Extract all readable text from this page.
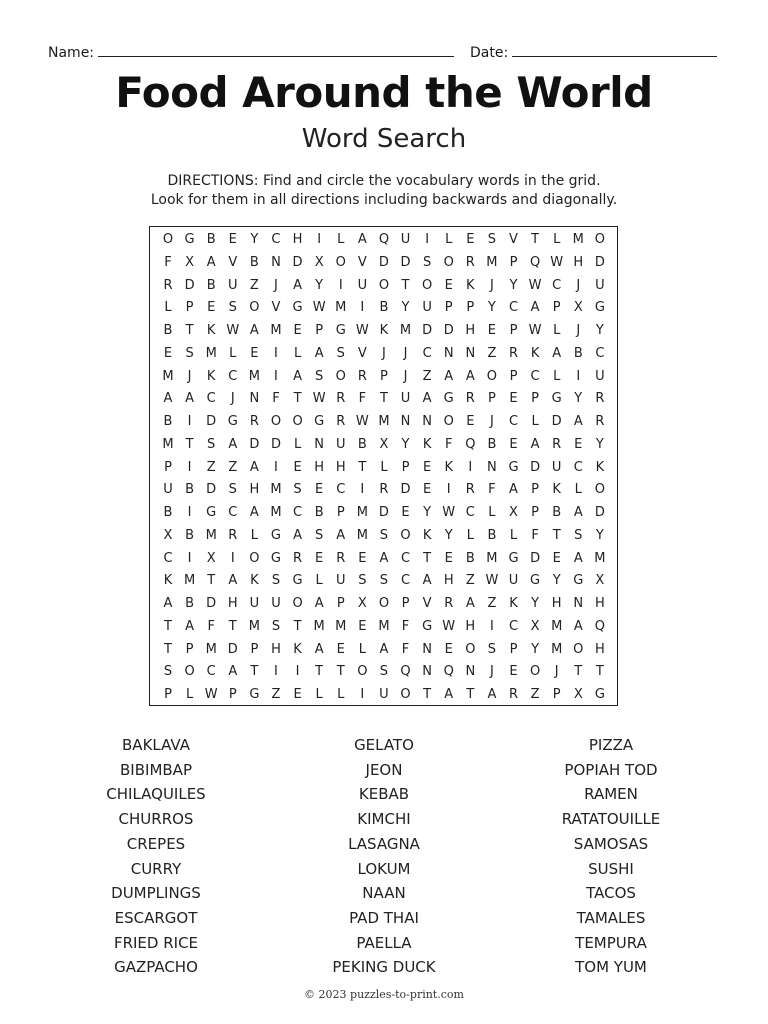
Name:	Date:
Food Around the World
Word Search
DIRECTIONS: Find and circle the vocabulary words in the grid.
Look for them in all directions including backwards and diagonally.
O G B	E	Y	C H	I	L	A Q U	I	L	E	S	V	T	L M O
F	X A V B N D X O V D D S O R M P Q W H D
R D B U Z	J	A	Y	I	U O T O E	K	J	Y W C	J	U
L	P	E	S O V G W M	I	B	Y U P	P	Y	C A	P	X G
B	T	K W A M E	P G W K M D D H E	P W L	J	Y
E	S M L	E	I	L	A	S	V	J	J	C N N Z R K A B C
M	J	K C M	I	A	S O R	P	J	Z A A O P	C	L	I	U
A A C	J	N F	T W R	F	T U A G R	P	E	P G Y	R
B	I	D G R O O G R W M N N O E	J	C	L D A R
M T	S	A D D L	N U B X	Y	K	F Q B	E	A R E	Y
P	I	Z Z A	I	E H H T	L	P	E	K	I	N G D U C K
U B D S H M S	E C	I	R D E	I	R	F	A	P	K	L O
B	I	G C A M C B	P M D E	Y W C	L	X	P	B A D
X B M R	L G A	S	A M S O K	Y	L	B	L	F	T	S	Y
C	I	X	I	O G R E R E	A C	T	E	B M G D E	A M
K M T	A K	S G L	U S	S C A H Z W U G Y G X
A B D H U U O A	P	X O P	V R A Z K	Y H N H
T	A	F	T M S	T M M E M F G W H	I	C X M A Q
T	P M D P H K A	E	L	A	F N E O S	P	Y M O H
S O C A	T	I	I	T	T O S Q N Q N	J	E O	J	T	T
P	L W P G Z	E	L	L	I	U O T	A	T	A R Z	P	X G
BAKLAVA
BIBIMBAP
CHILAQUILES
CHURROS
CREPES
CURRY
DUMPLINGS
ESCARGOT
FRIED RICE
GAZPACHO
GELATO
JEON
KEBAB
KIMCHI
LASAGNA
LOKUM
NAAN
PAD THAI
PAELLA
PEKING DUCK
PIZZA
POPIAH TOD
RAMEN
RATATOUILLE
SAMOSAS
SUSHI
TACOS
TAMALES
TEMPURA
TOM YUM
© 2023 puzzles-to-print.com
